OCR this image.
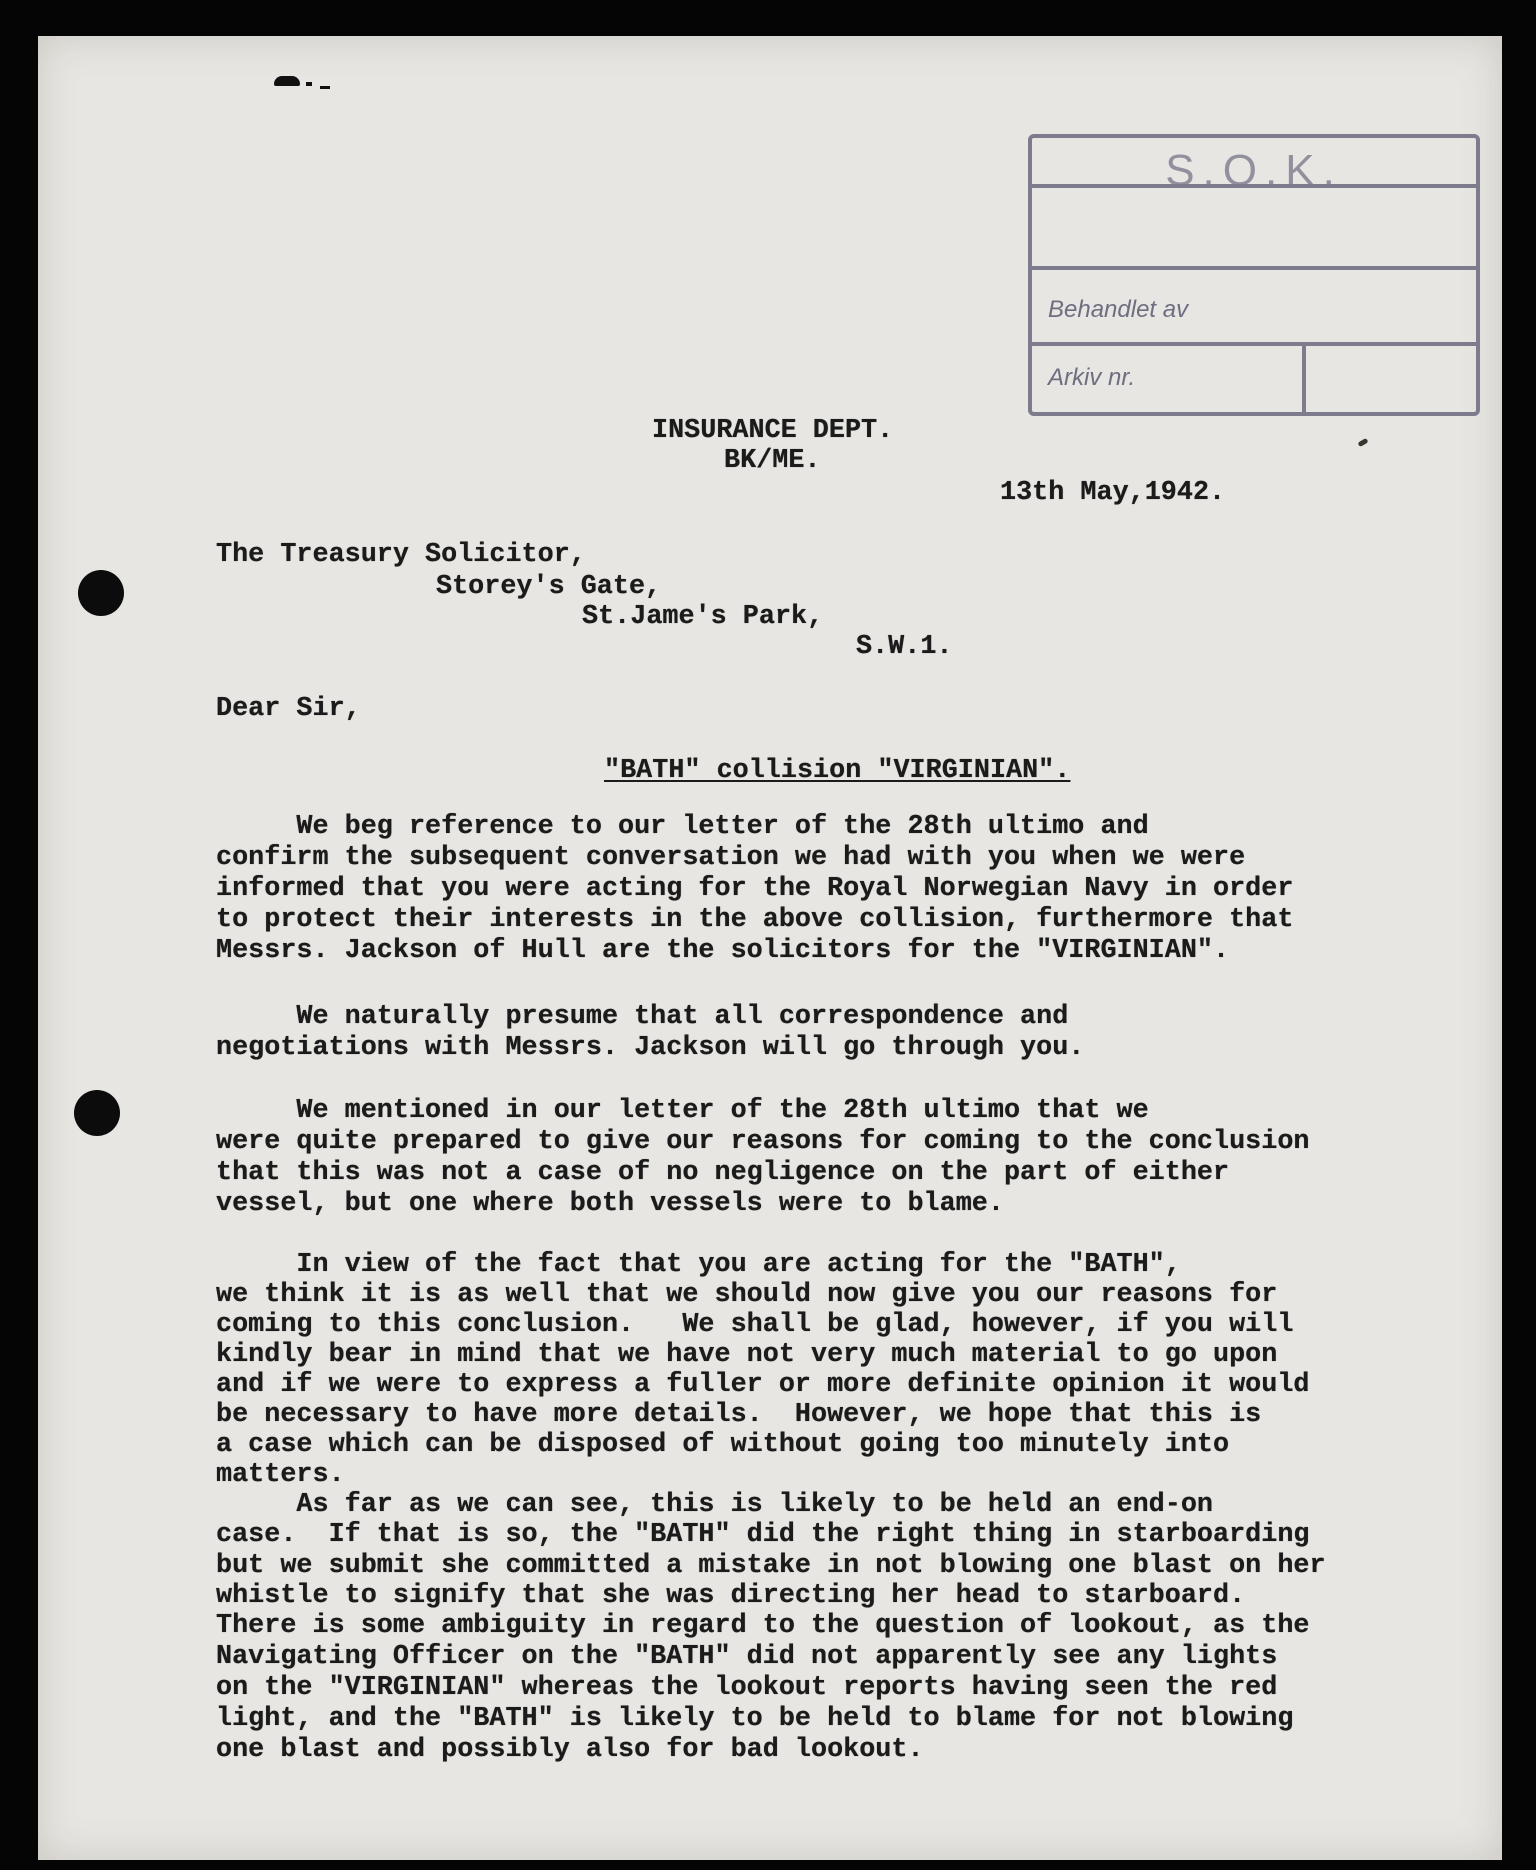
S.O.K.
Behandlet av
Arkiv nr.
INSURANCE DEPT.
BK/ME.
13th May,1942.
The Treasury Solicitor,
Storey's Gate,
St.Jame's Park,
S.W.1.
Dear Sir,
"BATH" collision "VIRGINIAN".
We beg reference to our letter of the 28th ultimo and
confirm the subsequent conversation we had with you when we were
informed that you were acting for the Royal Norwegian Navy in order
to protect their interests in the above collision, furthermore that
Messrs. Jackson of Hull are the solicitors for the "VIRGINIAN".
We naturally presume that all correspondence and
negotiations with Messrs. Jackson will go through you.
We mentioned in our letter of the 28th ultimo that we
were quite prepared to give our reasons for coming to the conclusion
that this was not a case of no negligence on the part of either
vessel, but one where both vessels were to blame.
In view of the fact that you are acting for the "BATH",
we think it is as well that we should now give you our reasons for
coming to this conclusion.   We shall be glad, however, if you will
kindly bear in mind that we have not very much material to go upon
and if we were to express a fuller or more definite opinion it would
be necessary to have more details.  However, we hope that this is
a case which can be disposed of without going too minutely into
matters.
As far as we can see, this is likely to be held an end-on
case.  If that is so, the "BATH" did the right thing in starboarding
but we submit she committed a mistake in not blowing one blast on her
whistle to signify that she was directing her head to starboard.
There is some ambiguity in regard to the question of lookout, as the
Navigating Officer on the "BATH" did not apparently see any lights
on the "VIRGINIAN" whereas the lookout reports having seen the red
light, and the "BATH" is likely to be held to blame for not blowing
one blast and possibly also for bad lookout.
